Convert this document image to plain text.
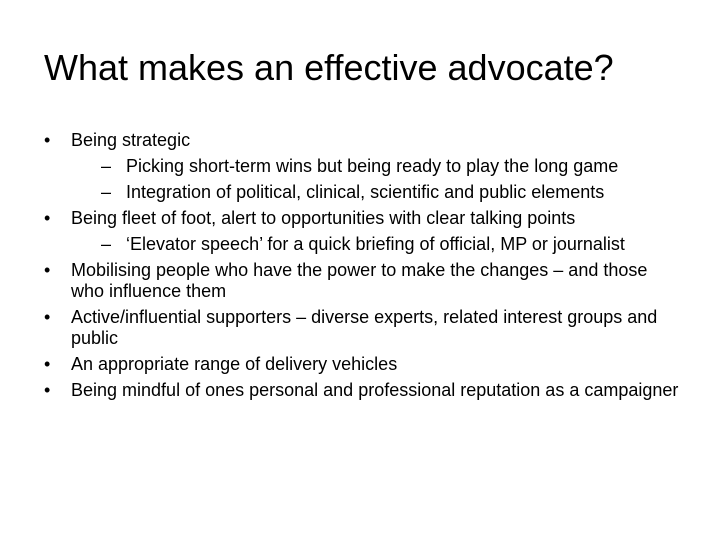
What makes an effective advocate?
•	Being strategic
– Picking short-term wins but being ready to play the long game
– Integration of political, clinical, scientific and public elements
•	Being fleet of foot, alert to opportunities with clear talking points
– ‘Elevator speech’ for a quick briefing of official, MP or journalist
•	Mobilising people who have the power to make the changes – and those who influence them
•	Active/influential supporters – diverse experts, related interest groups and public
•	An appropriate range of delivery vehicles
•	Being mindful of ones personal and professional reputation as a campaigner
